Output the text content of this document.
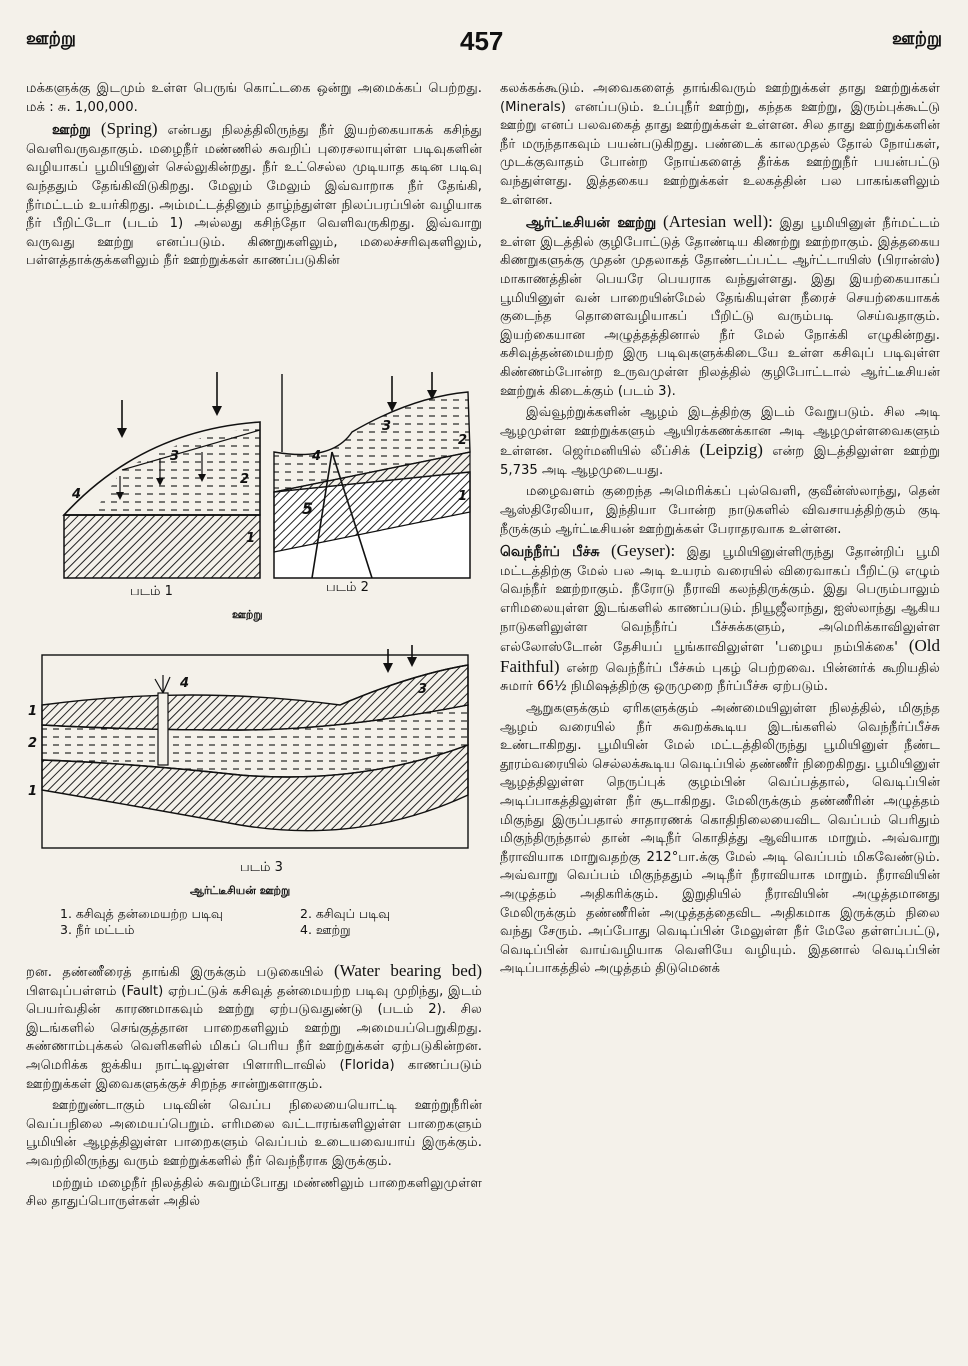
ஊற்று	457	ஊற்று

மக்களுக்கு இடமும் உள்ள பெருங் கொட்டகை ஒன்று அமைக்கப் பெற்றது. மக் : சு. 1,00,000.

ஊற்று (Spring) என்பது நிலத்திலிருந்து நீர் இயற்கையாகக் கசிந்து வெளிவருவதாகும். மழைநீர் மண்ணில் சுவறிப் புரைசலாயுள்ள படிவுகளின் வழியாகப் பூமியினுள் செல்லுகின்றது. நீர் உட்செல்ல முடியாத கடின படிவு வந்ததும் தேங்கிவிடுகிறது. மேலும் மேலும் இவ்வாறாக நீர் தேங்கி, நீர்மட்டம் உயர்கிறது. அம்மட்டத்தினும் தாழ்ந்துள்ள நிலப்பரப்பின் வழியாக நீர் பீறிட்டோ (படம் 1) அல்லது கசிந்தோ வெளிவருகிறது. இவ்வாறு வருவது ஊற்று எனப்படும். கிணறுகளிலும், மலைச்சரிவுகளிலும், பள்ளத்தாக்குக்களிலும் நீர் ஊற்றுக்கள் காணப்படுகின்

3
2
4
1
3
2
4
5
1
படம் 1	படம் 2
ஊற்று
4	3
1
2
1
படம் 3
ஆர்ட்டீசியன் ஊற்று
1. கசிவுத் தன்மையற்ற படிவு	2. கசிவுப் படிவு
3. நீர் மட்டம்	4. ஊற்று

றன. தண்ணீரைத் தாங்கி இருக்கும் படுகையில் (Water bearing bed) பிளவுப்பள்ளம் (Fault) ஏற்பட்டுக் கசிவுத் தன்மையற்ற படிவு முறிந்து, இடம் பெயர்வதின் காரணமாகவும் ஊற்று ஏற்படுவதுண்டு (படம் 2). சில இடங்களில் செங்குத்தான பாறைகளிலும் ஊற்று அமையப்பெறுகிறது. சுண்ணாம்புக்கல் வெளிகளில் மிகப் பெரிய நீர் ஊற்றுக்கள் ஏற்படுகின்றன. அமெரிக்க ஐக்கிய நாட்டிலுள்ள பிளாரிடாவில் (Florida) காணப்படும் ஊற்றுக்கள் இவைகளுக்குச் சிறந்த சான்றுகளாகும்.

ஊற்றுண்டாகும் படிவின் வெப்ப நிலையையொட்டி ஊற்றுநீரின் வெப்பநிலை அமையப்பெறும். எரிமலை வட்டாரங்களிலுள்ள பாறைகளும் பூமியின் ஆழத்திலுள்ள பாறைகளும் வெப்பம் உடையவையாய் இருக்கும். அவற்றிலிருந்து வரும் ஊற்றுக்களில் நீர் வெந்நீராக இருக்கும்.

மற்றும் மழைநீர் நிலத்தில் சுவறும்போது மண்ணிலும் பாறைகளிலுமுள்ள சில தாதுப்பொருள்கள் அதில்

கலக்கக்கூடும். அவைகளைத் தாங்கிவரும் ஊற்றுக்கள் தாது ஊற்றுக்கள் (Minerals) எனப்படும். உப்புநீர் ஊற்று, கந்தக ஊற்று, இரும்புக்கூட்டு ஊற்று எனப் பலவகைத் தாது ஊற்றுக்கள் உள்ளன. சில தாது ஊற்றுக்களின் நீர் மருந்தாகவும் பயன்படுகிறது. பண்டைக் காலமுதல் தோல் நோய்கள், முடக்குவாதம் போன்ற நோய்களைத் தீர்க்க ஊற்றுநீர் பயன்பட்டு வந்துள்ளது. இத்தகைய ஊற்றுக்கள் உலகத்தின் பல பாகங்களிலும் உள்ளன.

ஆர்ட்டீசியன் ஊற்று (Artesian well): இது பூமியினுள் நீர்மட்டம் உள்ள இடத்தில் குழிபோட்டுத் தோண்டிய கிணற்று ஊற்றாகும். இத்தகைய கிணறுகளுக்கு முதன் முதலாகத் தோண்டப்பட்ட ஆர்ட்டாயிஸ் (பிரான்ஸ்) மாகாணத்தின் பெயரே பெயராக வந்துள்ளது. இது இயற்கையாகப் பூமியினுள் வன் பாறையின்மேல் தேங்கியுள்ள நீரைச் செயற்கையாகக் குடைந்த தொளைவழியாகப் பீறிட்டு வரும்படி செய்வதாகும். இயற்கையான அழுத்தத்தினால் நீர் மேல் நோக்கி எழுகின்றது. கசிவுத்தன்மையற்ற இரு படிவுகளுக்கிடையே உள்ள கசிவுப் படிவுள்ள கிண்ணம்போன்ற உருவமுள்ள நிலத்தில் குழிபோட்டால் ஆர்ட்டீசியன் ஊற்றுக் கிடைக்கும் (படம் 3).

இவ்வூற்றுக்களின் ஆழம் இடத்திற்கு இடம் வேறுபடும். சில அடி ஆழமுள்ள ஊற்றுக்களும் ஆயிரக்கணக்கான அடி ஆழமுள்ளவைகளும் உள்ளன. ஜெர்மனியில் லீப்சிக் (Leipzig) என்ற இடத்திலுள்ள ஊற்று 5,735 அடி ஆழமுடையது.

மழைவளம் குறைந்த அமெரிக்கப் புல்வெளி, குவீன்ஸ்லாந்து, தென் ஆஸ்திரேலியா, இந்தியா போன்ற நாடுகளில் விவசாயத்திற்கும் குடி நீருக்கும் ஆர்ட்டீசியன் ஊற்றுக்கள் பேராதரவாக உள்ளன.

வெந்நீர்ப் பீச்சு (Geyser): இது பூமியினுள்ளிருந்து தோன்றிப் பூமி மட்டத்திற்கு மேல் பல அடி உயரம் வரையில் விரைவாகப் பீறிட்டு எழும் வெந்நீர் ஊற்றாகும். நீரோடு நீராவி கலந்திருக்கும். இது பெரும்பாலும் எரிமலையுள்ள இடங்களில் காணப்படும். நியூஜீலாந்து, ஐஸ்லாந்து ஆகிய நாடுகளிலுள்ள வெந்நீர்ப் பீச்சுக்களும், அமெரிக்காவிலுள்ள எல்லோஸ்டோன் தேசியப் பூங்காவிலுள்ள 'பழைய நம்பிக்கை' (Old Faithful) என்ற வெந்நீர்ப் பீச்சும் புகழ் பெற்றவை. பின்னர்க் கூறியதில் சுமார் 66½ நிமிஷத்திற்கு ஒருமுறை நீர்ப்பீச்சு ஏற்படும்.

ஆறுகளுக்கும் ஏரிகளுக்கும் அண்மையிலுள்ள நிலத்தில், மிகுந்த ஆழம் வரையில் நீர் சுவறக்கூடிய இடங்களில் வெந்நீர்ப்பீச்சு உண்டாகிறது. பூமியின் மேல் மட்டத்திலிருந்து பூமியினுள் நீண்ட தூரம்வரையில் செல்லக்கூடிய வெடிப்பில் தண்ணீர் நிறைகிறது. பூமியினுள் ஆழத்திலுள்ள நெருப்புக் குழம்பின் வெப்பத்தால், வெடிப்பின் அடிப்பாகத்திலுள்ள நீர் சூடாகிறது. மேலிருக்கும் தண்ணீரின் அழுத்தம் மிகுந்து இருப்பதால் சாதாரணக் கொதிநிலையைவிட வெப்பம் பெரிதும் மிகுந்திருந்தால் தான் அடிநீர் கொதித்து ஆவியாக மாறும். அவ்வாறு நீராவியாக மாறுவதற்கு 212°பா.க்கு மேல் அடி வெப்பம் மிகவேண்டும். அவ்வாறு வெப்பம் மிகுந்ததும் அடிநீர் நீராவியாக மாறும். நீராவியின் அழுத்தம் அதிகரிக்கும். இறுதியில் நீராவியின் அழுத்தமானது மேலிருக்கும் தண்ணீரின் அழுத்தத்தைவிட அதிகமாக இருக்கும் நிலை வந்து சேரும். அப்போது வெடிப்பின் மேலுள்ள நீர் மேலே தள்ளப்பட்டு, வெடிப்பின் வாய்வழியாக வெளியே வழியும். இதனால் வெடிப்பின் அடிப்பாகத்தில் அழுத்தம் திடுமெனக்
